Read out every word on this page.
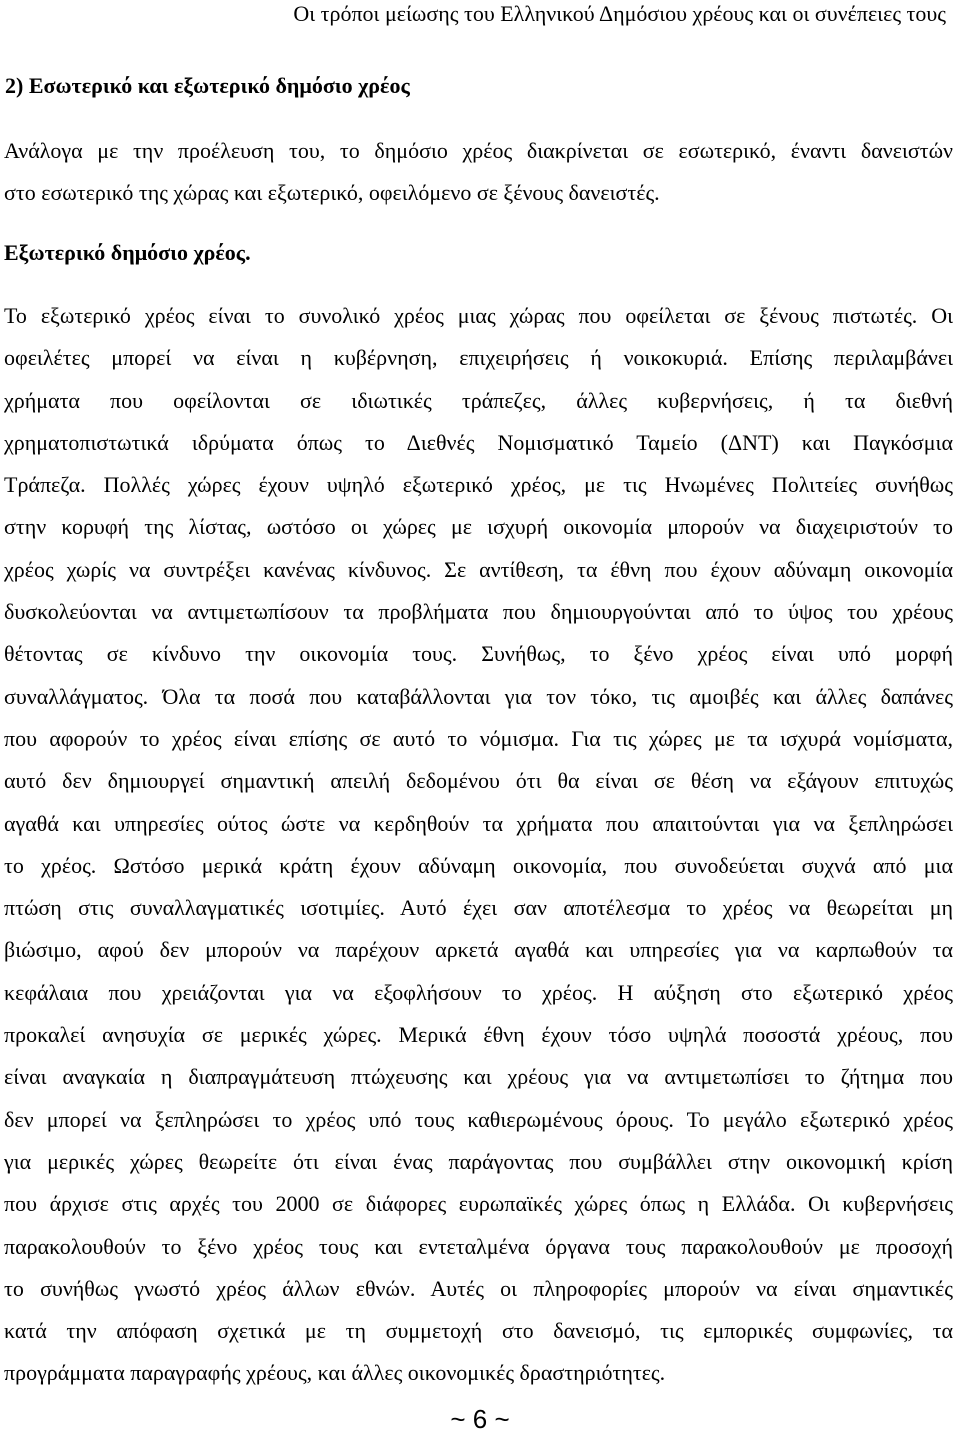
Οι τρόποι μείωσης του Ελληνικού Δημόσιου χρέους και οι συνέπειες τους
2) Εσωτερικό και εξωτερικό δημόσιο χρέος
Ανάλογα με την προέλευση του, το δημόσιο χρέος διακρίνεται σε εσωτερικό, έναντι δανειστών
στο εσωτερικό της χώρας και εξωτερικό, οφειλόμενο σε ξένους δανειστές.
Εξωτερικό δημόσιο χρέος.
Το εξωτερικό χρέος είναι το συνολικό χρέος μιας χώρας που οφείλεται σε ξένους πιστωτές. Οι
οφειλέτες μπορεί να είναι η κυβέρνηση, επιχειρήσεις ή νοικοκυριά. Επίσης περιλαμβάνει
χρήματα που οφείλονται σε ιδιωτικές τράπεζες, άλλες κυβερνήσεις, ή τα διεθνή
χρηματοπιστωτικά ιδρύματα όπως το Διεθνές Νομισματικό Ταμείο (ΔΝΤ) και Παγκόσμια
Τράπεζα. Πολλές χώρες έχουν υψηλό εξωτερικό χρέος, με τις Ηνωμένες Πολιτείες συνήθως
στην κορυφή της λίστας, ωστόσο οι χώρες με ισχυρή οικονομία μπορούν να διαχειριστούν το
χρέος χωρίς να συντρέξει κανένας κίνδυνος. Σε αντίθεση, τα έθνη που έχουν αδύναμη οικονομία
δυσκολεύονται να αντιμετωπίσουν τα προβλήματα που δημιουργούνται από το ύψος του χρέους
θέτοντας σε κίνδυνο την οικονομία τους. Συνήθως, το ξένο χρέος είναι υπό μορφή
συναλλάγματος. Όλα τα ποσά που καταβάλλονται για τον τόκο, τις αμοιβές και άλλες δαπάνες
που αφορούν το χρέος είναι επίσης σε αυτό το νόμισμα. Για τις χώρες με τα ισχυρά νομίσματα,
αυτό δεν δημιουργεί σημαντική απειλή δεδομένου ότι θα είναι σε θέση να εξάγουν επιτυχώς
αγαθά και υπηρεσίες ούτος ώστε να κερδηθούν τα χρήματα που απαιτούνται για να ξεπληρώσει
το χρέος. Ωστόσο μερικά κράτη έχουν αδύναμη οικονομία, που συνοδεύεται συχνά από μια
πτώση στις συναλλαγματικές ισοτιμίες. Αυτό έχει σαν αποτέλεσμα το χρέος να θεωρείται μη
βιώσιμο, αφού δεν μπορούν να παρέχουν αρκετά αγαθά και υπηρεσίες για να καρπωθούν τα
κεφάλαια που χρειάζονται για να εξοφλήσουν το χρέος. Η αύξηση στο εξωτερικό χρέος
προκαλεί ανησυχία σε μερικές χώρες. Μερικά έθνη έχουν τόσο υψηλά ποσοστά χρέους, που
είναι αναγκαία η διαπραγμάτευση πτώχευσης και χρέους για να αντιμετωπίσει το ζήτημα που
δεν μπορεί να ξεπληρώσει το χρέος υπό τους καθιερωμένους όρους. Το μεγάλο εξωτερικό χρέος
για μερικές χώρες θεωρείτε ότι είναι ένας παράγοντας που συμβάλλει στην οικονομική κρίση
που άρχισε στις αρχές του 2000 σε διάφορες ευρωπαϊκές χώρες όπως η Ελλάδα. Οι κυβερνήσεις
παρακολουθούν το ξένο χρέος τους και εντεταλμένα όργανα τους παρακολουθούν με προσοχή
το συνήθως γνωστό χρέος άλλων εθνών. Αυτές οι πληροφορίες μπορούν να είναι σημαντικές
κατά την απόφαση σχετικά με τη συμμετοχή στο δανεισμό, τις εμπορικές συμφωνίες, τα
προγράμματα παραγραφής χρέους, και άλλες οικονομικές δραστηριότητες.
~ 6 ~
